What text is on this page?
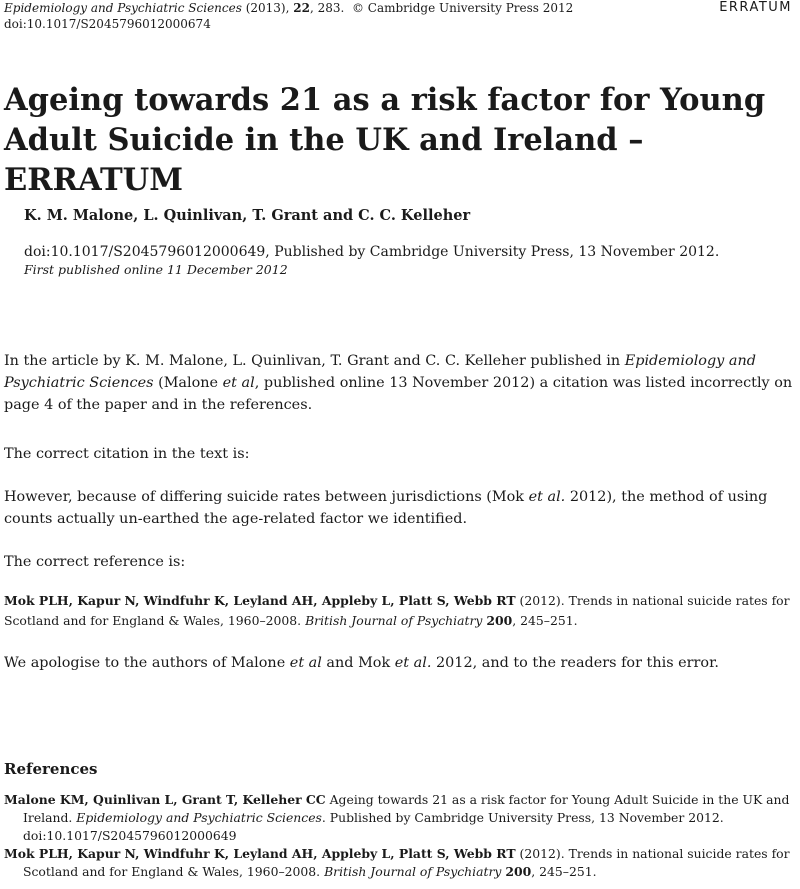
Epidemiology and Psychiatric Sciences (2013), 22, 283. © Cambridge University Press 2012
doi:10.1017/S2045796012000674
ERRATUM
Ageing towards 21 as a risk factor for Young Adult Suicide in the UK and Ireland – ERRATUM
K. M. Malone, L. Quinlivan, T. Grant and C. C. Kelleher
doi:10.1017/S2045796012000649, Published by Cambridge University Press, 13 November 2012.
First published online 11 December 2012

In the article by K. M. Malone, L. Quinlivan, T. Grant and C. C. Kelleher published in Epidemiology and Psychiatric Sciences (Malone et al, published online 13 November 2012) a citation was listed incorrectly on page 4 of the paper and in the references.

The correct citation in the text is:

However, because of differing suicide rates between jurisdictions (Mok et al. 2012), the method of using counts actually un-earthed the age-related factor we identified.

The correct reference is:

Mok PLH, Kapur N, Windfuhr K, Leyland AH, Appleby L, Platt S, Webb RT (2012). Trends in national suicide rates for Scotland and for England & Wales, 1960–2008. British Journal of Psychiatry 200, 245–251.

We apologise to the authors of Malone et al and Mok et al. 2012, and to the readers for this error.

References

Malone KM, Quinlivan L, Grant T, Kelleher CC Ageing towards 21 as a risk factor for Young Adult Suicide in the UK and Ireland. Epidemiology and Psychiatric Sciences. Published by Cambridge University Press, 13 November 2012.
doi:10.1017/S2045796012000649

Mok PLH, Kapur N, Windfuhr K, Leyland AH, Appleby L, Platt S, Webb RT (2012). Trends in national suicide rates for Scotland and for England & Wales, 1960–2008. British Journal of Psychiatry 200, 245–251.
